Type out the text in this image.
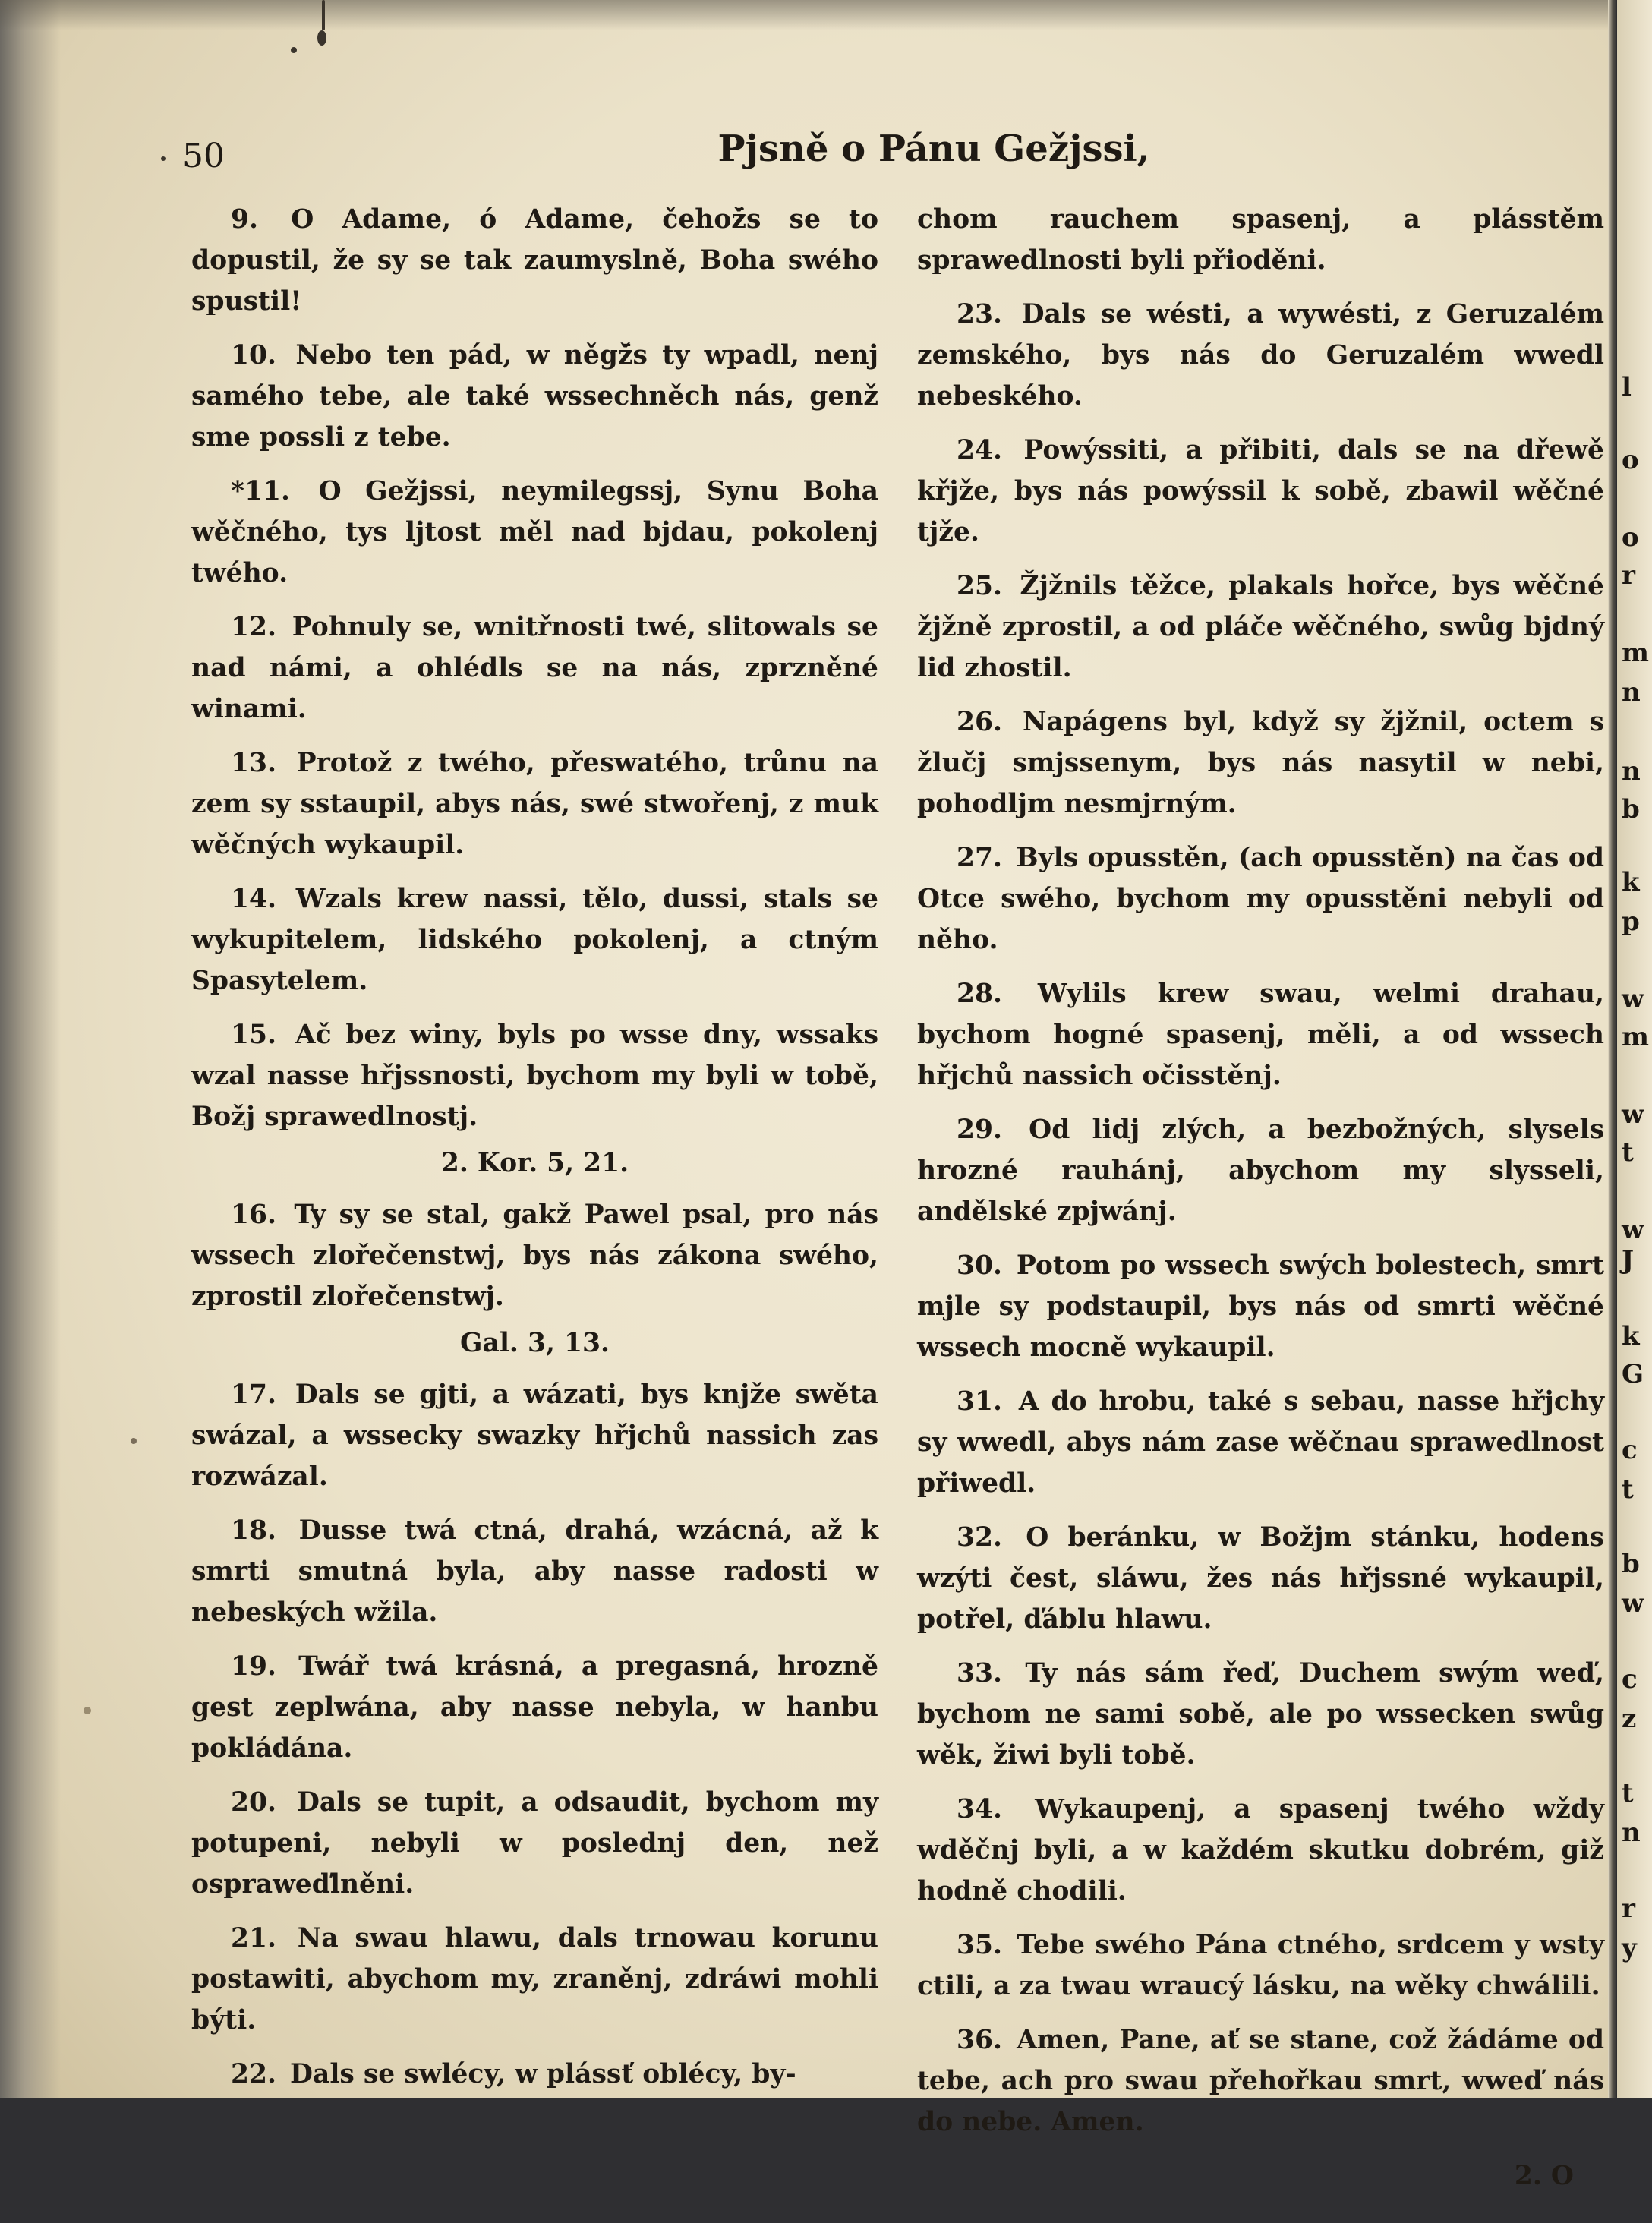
50	Pjsně o Pánu Gežjssi,

9. O Adame, ó Adame, čehož̄s se to dopustil, že sy se tak zaumyslně, Boha swého spustil!

10. Nebo ten pád, w něgž̄s ty wpadl, nenj samého tebe, ale také wssechněch nás, genž sme possli z tebe.

*11. O Gežjssi, neymilegssj, Synu Boha wěčného, tys ljtost měl nad bjdau, pokolenj twého.

12. Pohnuly se, wnitřnosti twé, slitowals se nad námi, a ohlédls se na nás, zprzněné winami.

13. Protož z twého, přeswatého, trůnu na zem sy sstaupil, abys nás, swé stwořenj, z muk wěčných wykaupil.

14. Wzals krew nassi, tělo, dussi, stals se wykupitelem, lidského pokolenj, a ctným Spasytelem.

15. Ač bez winy, byls po wsse dny, wssaks wzal nasse hřjssnosti, bychom my byli w tobě, Božj sprawedlnostj.

2. Kor. 5, 21.

16. Ty sy se stal, gakž Pawel psal, pro nás wssech zlořečenstwj, bys nás zákona swého, zprostil zlořečenstwj.

Gal. 3, 13.

17. Dals se gjti, a wázati, bys knjže swěta swázal, a wssecky swazky hřjchů nassich zas rozwázal.

18. Dusse twá ctná, drahá, wzácná, až k smrti smutná byla, aby nasse radosti w nebeských wžila.

19. Twář twá krásná, a pregasná, hrozně gest zeplwána, aby nasse nebyla, w hanbu pokládána.

20. Dals se tupit, a odsaudit, bychom my potupeni, nebyli w poslednj den, než ospraweďlněni.

21. Na swau hlawu, dals trnowau korunu postawiti, abychom my, zraněnj, zdráwi mohli býti.

22. Dals se swlécy, w plássť oblécy, by-

chom rauchem spasenj, a plásstěm sprawedlnosti byli přioděni.

23. Dals se wésti, a wywésti, z Geruzalém zemského, bys nás do Geruzalém wwedl nebeského.

24. Powýssiti, a přibiti, dals se na dřewě křjže, bys nás powýssil k sobě, zbawil wěčné tjže.

25. Žjžnils těžce, plakals hořce, bys wěčné žjžně zprostil, a od pláče wěčného, swůg bjdný lid zhostil.

26. Napágens byl, když sy žjžnil, octem s žlučj smjssenym, bys nás nasytil w nebi, pohodljm nesmjrným.

27. Byls opusstěn, (ach opusstěn) na čas od Otce swého, bychom my opusstěni nebyli od něho.

28. Wylils krew swau, welmi drahau, bychom hogné spasenj, měli, a od wssech hřjchů nassich očisstěnj.

29. Od lidj zlých, a bezbožných, slysels hrozné rauhánj, abychom my slysseli, andělské zpjwánj.

30. Potom po wssech swých bolestech, smrt mjle sy podstaupil, bys nás od smrti wěčné wssech mocně wykaupil.

31. A do hrobu, také s sebau, nasse hřjchy sy wwedl, abys nám zase wěčnau sprawedlnost přiwedl.

32. O beránku, w Božjm stánku, hodens wzýti čest, sláwu, žes nás hřjssné wykaupil, potřel, ďáblu hlawu.

33. Ty nás sám řeď, Duchem swým weď, bychom ne sami sobě, ale po wssecken swůg wěk, žiwi byli tobě.

34. Wykaupenj, a spasenj twého wždy wděčnj byli, a w každém skutku dobrém, giž hodně chodili.

35. Tebe swého Pána ctného, srdcem y wsty ctili, a za twau wraucý lásku, na wěky chwálili.

36. Amen, Pane, ať se stane, což žádáme od tebe, ach pro swau přehořkau smrt, wweď nás do nebe. Amen.

2. O

l
o
o
r
m
n
n
b
k
p
w
m
w
t
w
J
k
G
c
t
b
w
c
z
t
n
r
y
